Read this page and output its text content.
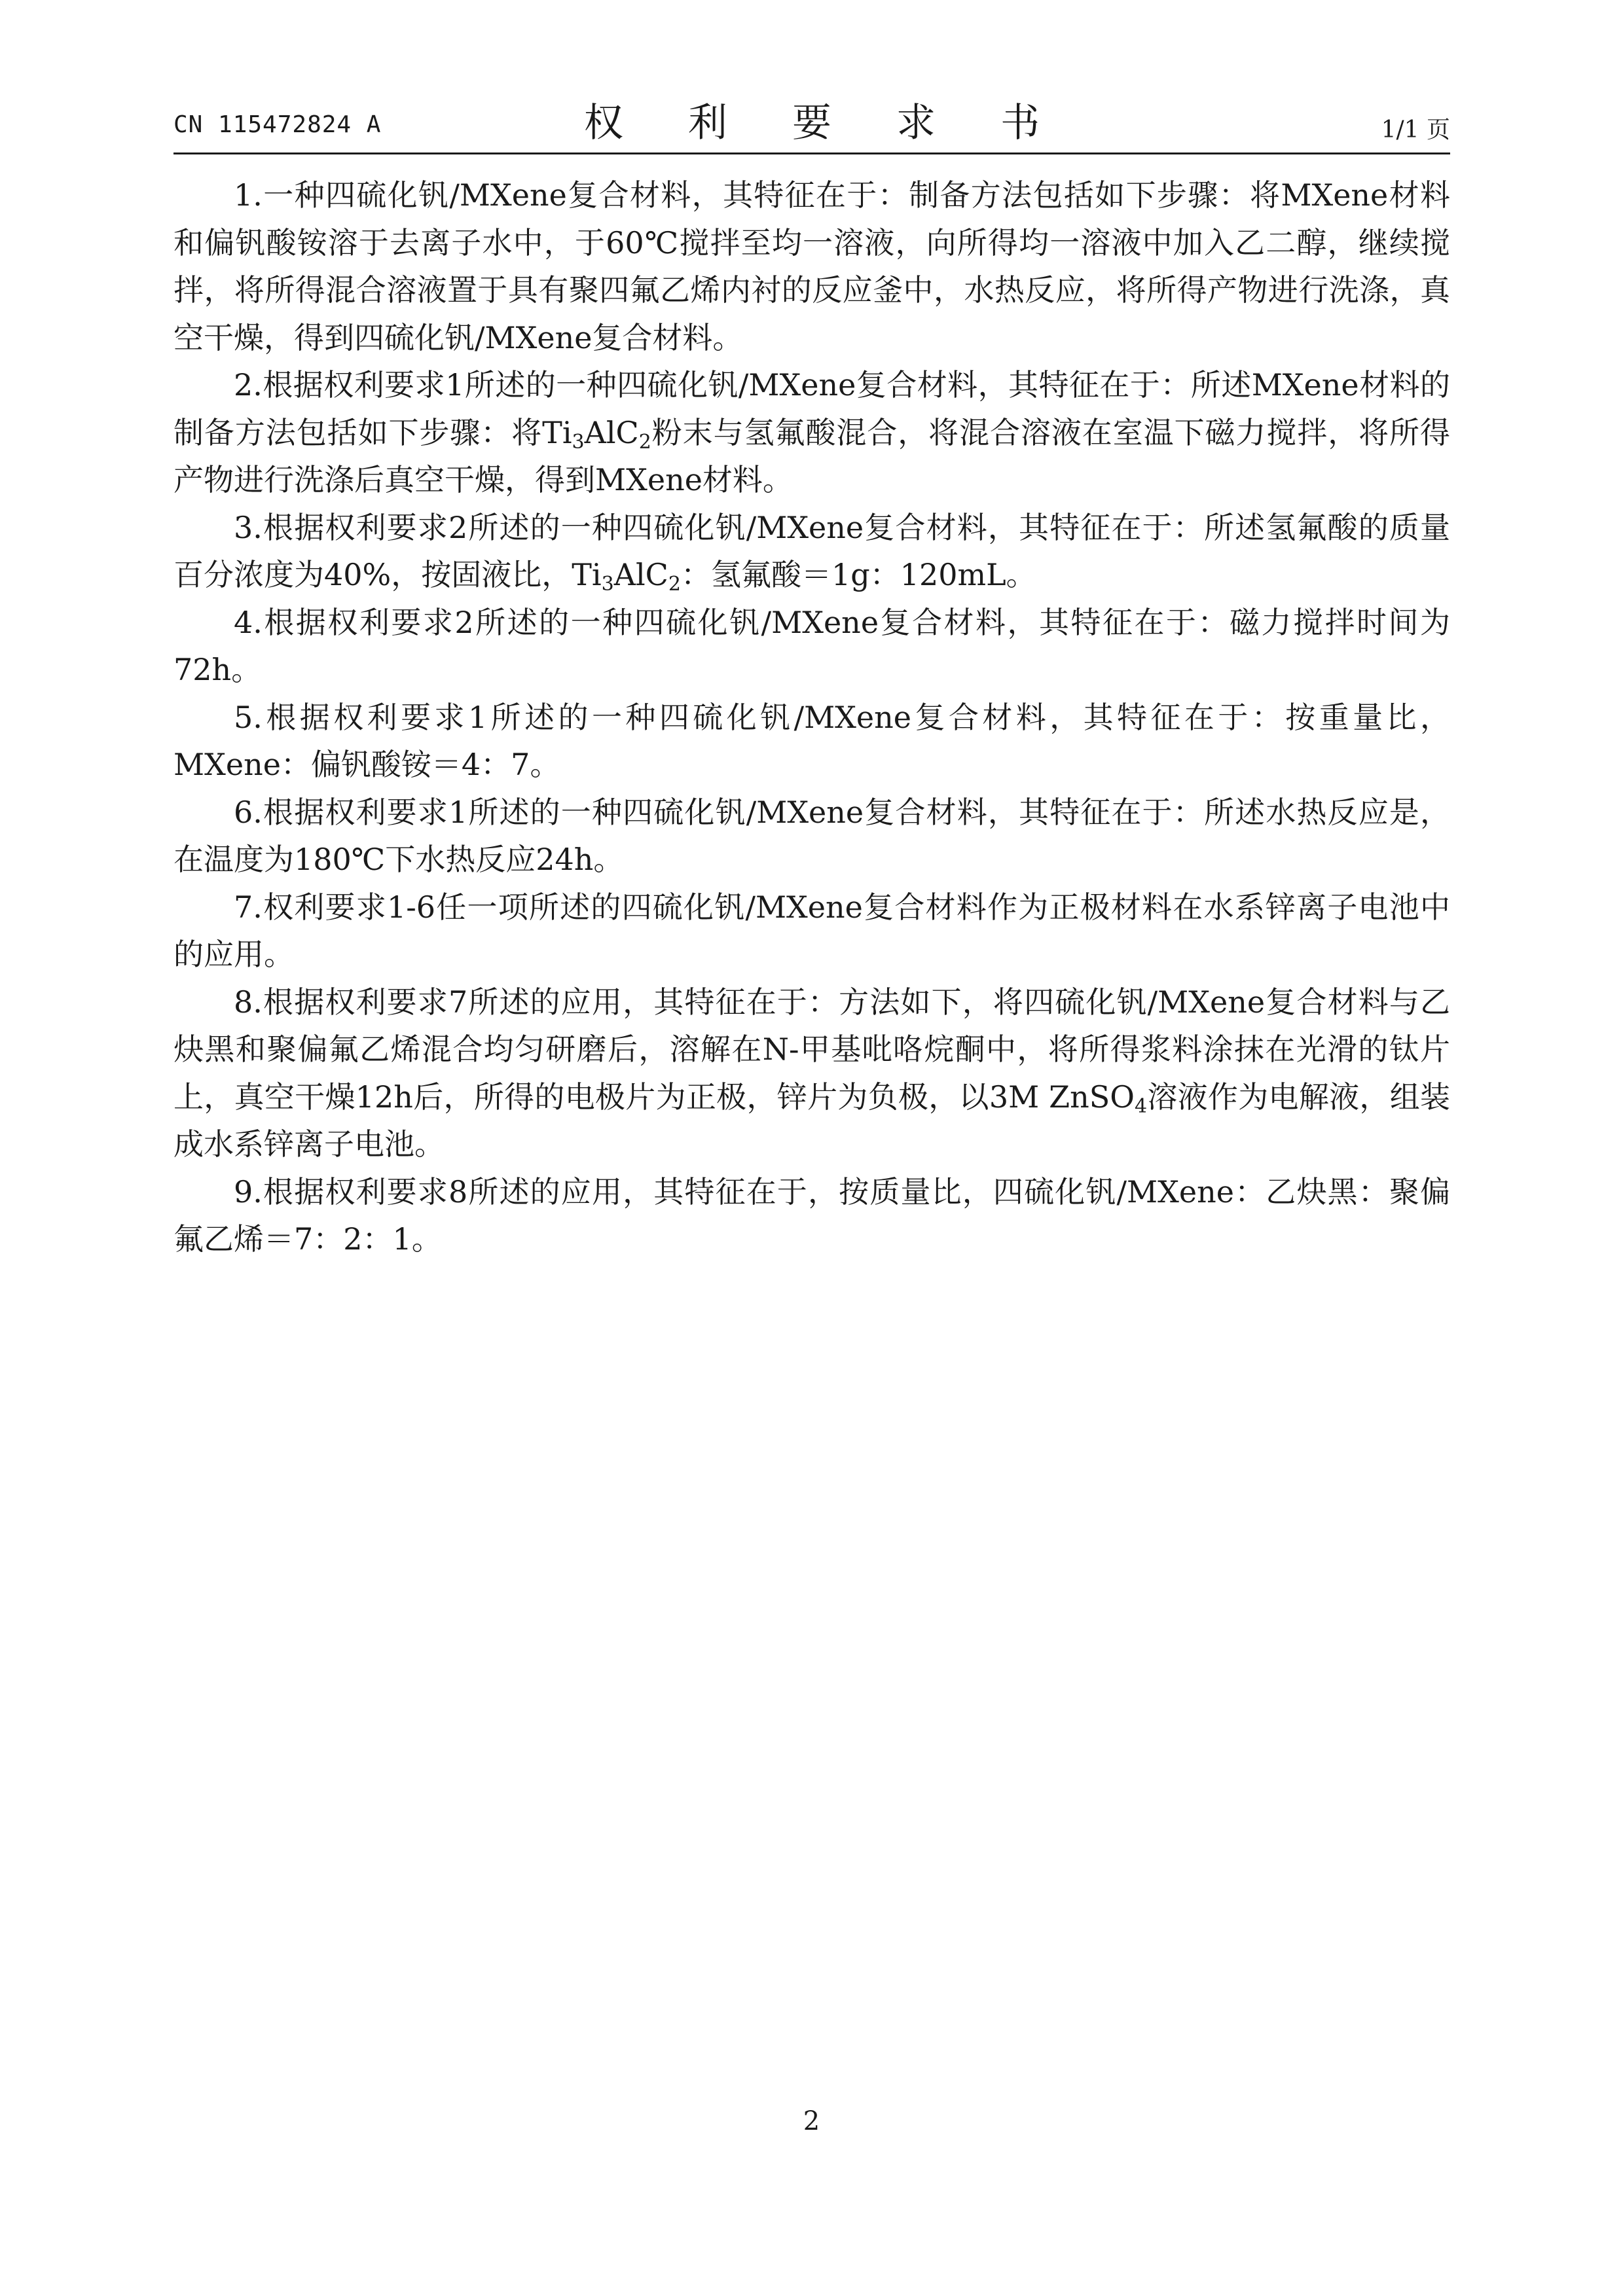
CN 115472824 A	权 利 要 求 书	1/1 页

1.一种四硫化钒/MXene复合材料，其特征在于：制备方法包括如下步骤：将MXene材料和偏钒酸铵溶于去离子水中，于60℃搅拌至均一溶液，向所得均一溶液中加入乙二醇，继续搅拌，将所得混合溶液置于具有聚四氟乙烯内衬的反应釜中，水热反应，将所得产物进行洗涤，真空干燥，得到四硫化钒/MXene复合材料。

2.根据权利要求1所述的一种四硫化钒/MXene复合材料，其特征在于：所述MXene材料的制备方法包括如下步骤：将$Ti_3AlC_2$粉末与氢氟酸混合，将混合溶液在室温下磁力搅拌，将所得产物进行洗涤后真空干燥，得到MXene材料。

3.根据权利要求2所述的一种四硫化钒/MXene复合材料，其特征在于：所述氢氟酸的质量百分浓度为40%，按固液比，$Ti_3AlC_2$：氢氟酸＝1g：120mL。

4.根据权利要求2所述的一种四硫化钒/MXene复合材料，其特征在于：磁力搅拌时间为72h。

5.根据权利要求1所述的一种四硫化钒/MXene复合材料，其特征在于：按重量比，MXene：偏钒酸铵＝4：7。

6.根据权利要求1所述的一种四硫化钒/MXene复合材料，其特征在于：所述水热反应是，在温度为180℃下水热反应24h。

7.权利要求1-6任一项所述的四硫化钒/MXene复合材料作为正极材料在水系锌离子电池中的应用。

8.根据权利要求7所述的应用，其特征在于：方法如下，将四硫化钒/MXene复合材料与乙炔黑和聚偏氟乙烯混合均匀研磨后，溶解在N-甲基吡咯烷酮中，将所得浆料涂抹在光滑的钛片上，真空干燥12h后，所得的电极片为正极，锌片为负极，以3M ZnSO$_4$溶液作为电解液，组装成水系锌离子电池。

9.根据权利要求8所述的应用，其特征在于，按质量比，四硫化钒/MXene：乙炔黑：聚偏氟乙烯＝7：2：1。

2
